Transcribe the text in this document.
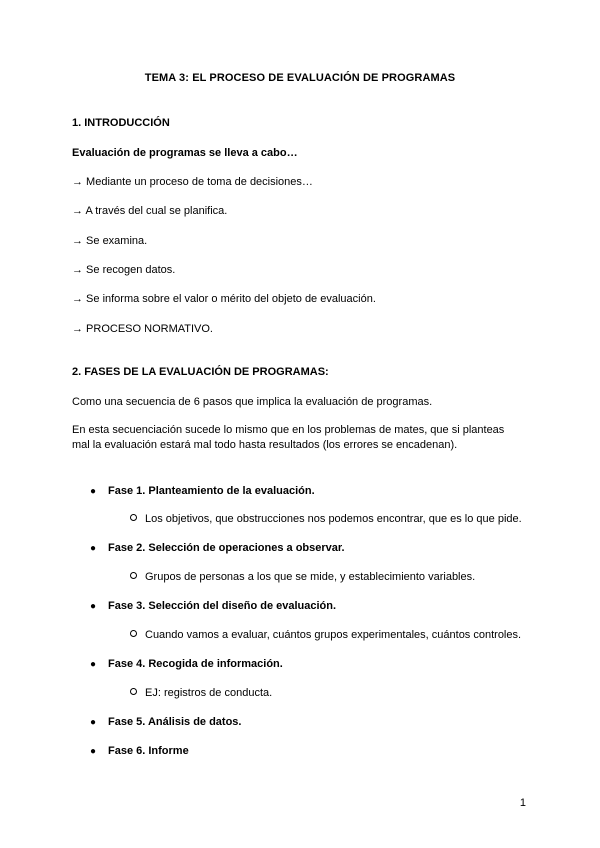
TEMA 3: EL PROCESO DE EVALUACIÓN DE PROGRAMAS
1. INTRODUCCIÓN
Evaluación de programas se lleva a cabo…
→ Mediante un proceso de toma de decisiones…
→ A través del cual se planifica.
→ Se examina.
→ Se recogen datos.
→ Se informa sobre el valor o mérito del objeto de evaluación.
→ PROCESO NORMATIVO.
2. FASES DE LA EVALUACIÓN DE PROGRAMAS:
Como una secuencia de 6 pasos que implica la evaluación de programas.
En esta secuenciación sucede lo mismo que en los problemas de mates, que si planteas
mal la evaluación estará mal todo hasta resultados (los errores se encadenan).
● Fase 1. Planteamiento de la evaluación.
Los objetivos, que obstrucciones nos podemos encontrar, que es lo que pide.
● Fase 2. Selección de operaciones a observar.
Grupos de personas a los que se mide, y establecimiento variables.
● Fase 3. Selección del diseño de evaluación.
Cuando vamos a evaluar, cuántos grupos experimentales, cuántos controles.
● Fase 4. Recogida de información.
EJ: registros de conducta.
● Fase 5. Análisis de datos.
● Fase 6. Informe
1
